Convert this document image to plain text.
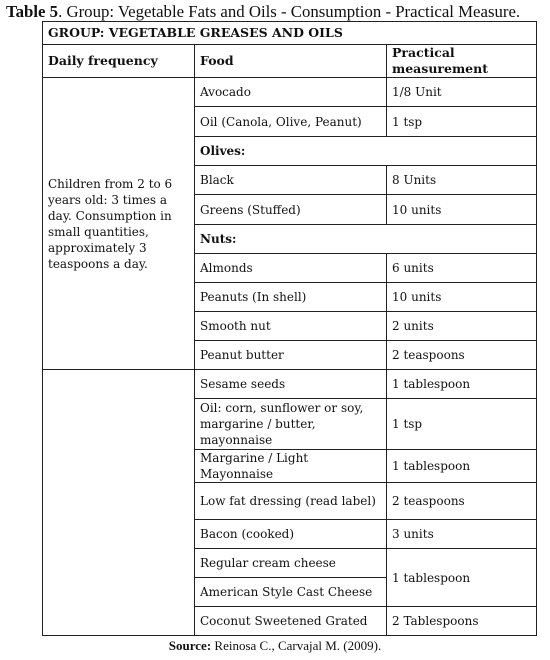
Table 5. Group: Vegetable Fats and Oils - Consumption - Practical Measure.
GROUP: VEGETABLE GREASES AND OILS		
Daily frequency	Food	Practical measurement
Children from 2 to 6 years old: 3 times a day. Consumption in small quantities, approximately 3 teaspoons a day.	Avocado	1/8 Unit
	Oil (Canola, Olive, Peanut)	1 tsp
	Olives:	
	Black	8 Units
	Greens (Stuffed)	10 units
	Nuts:	
	Almonds	6 units
	Peanuts (In shell)	10 units
	Smooth nut	2 units
	Peanut butter	2 teaspoons
	Sesame seeds	1 tablespoon
	Oil: corn, sunflower or soy, margarine / butter, mayonnaise	1 tsp
	Margarine / Light Mayonnaise	1 tablespoon
	Low fat dressing (read label)	2 teaspoons
	Bacon (cooked)	3 units
	Regular cream cheese	1 tablespoon
	American Style Cast Cheese	
	Coconut Sweetened Grated	2 Tablespoons
Source: Reinosa C., Carvajal M. (2009).
